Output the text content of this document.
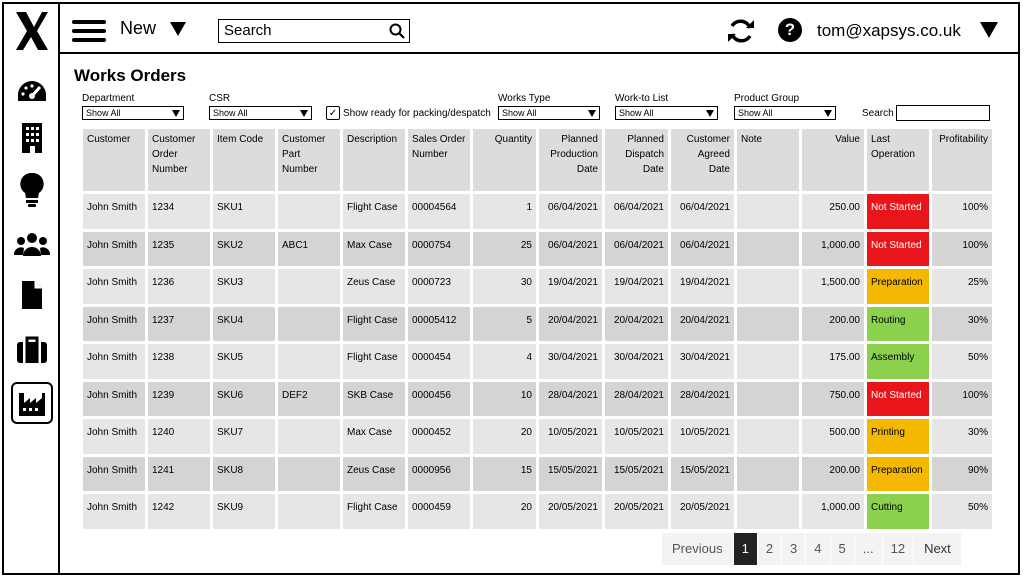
New	Search	?	tom@xapsys.co.uk
Works Orders
Department
Show All
CSR
Show All	✓ Show ready for packing/despatch
Works Type
Show All
Work-to List
Show All
Product Group
Show All	Search
Customer	Customer Order Number	Item Code	Customer Part Number	Description	Sales Order Number	Quantity	Planned Production Date	Planned Dispatch Date	Customer Agreed Date	Note	Value	Last Operation	Profitability
John Smith	1234	SKU1		Flight Case	00004564	1	06/04/2021	06/04/2021	06/04/2021		250.00	Not Started	100%
John Smith	1235	SKU2	ABC1	Max Case	0000754	25	06/04/2021	06/04/2021	06/04/2021		1,000.00	Not Started	100%
John Smith	1236	SKU3		Zeus Case	0000723	30	19/04/2021	19/04/2021	19/04/2021		1,500.00	Preparation	25%
John Smith	1237	SKU4		Flight Case	00005412	5	20/04/2021	20/04/2021	20/04/2021		200.00	Routing	30%
John Smith	1238	SKU5		Flight Case	0000454	4	30/04/2021	30/04/2021	30/04/2021		175.00	Assembly	50%
John Smith	1239	SKU6	DEF2	SKB Case	0000456	10	28/04/2021	28/04/2021	28/04/2021		750.00	Not Started	100%
John Smith	1240	SKU7		Max Case	0000452	20	10/05/2021	10/05/2021	10/05/2021		500.00	Printing	30%
John Smith	1241	SKU8		Zeus Case	0000956	15	15/05/2021	15/05/2021	15/05/2021		200.00	Preparation	90%
John Smith	1242	SKU9		Flight Case	0000459	20	20/05/2021	20/05/2021	20/05/2021		1,000.00	Cutting	50%
Previous	1	2	3	4	5	...	12	Next
